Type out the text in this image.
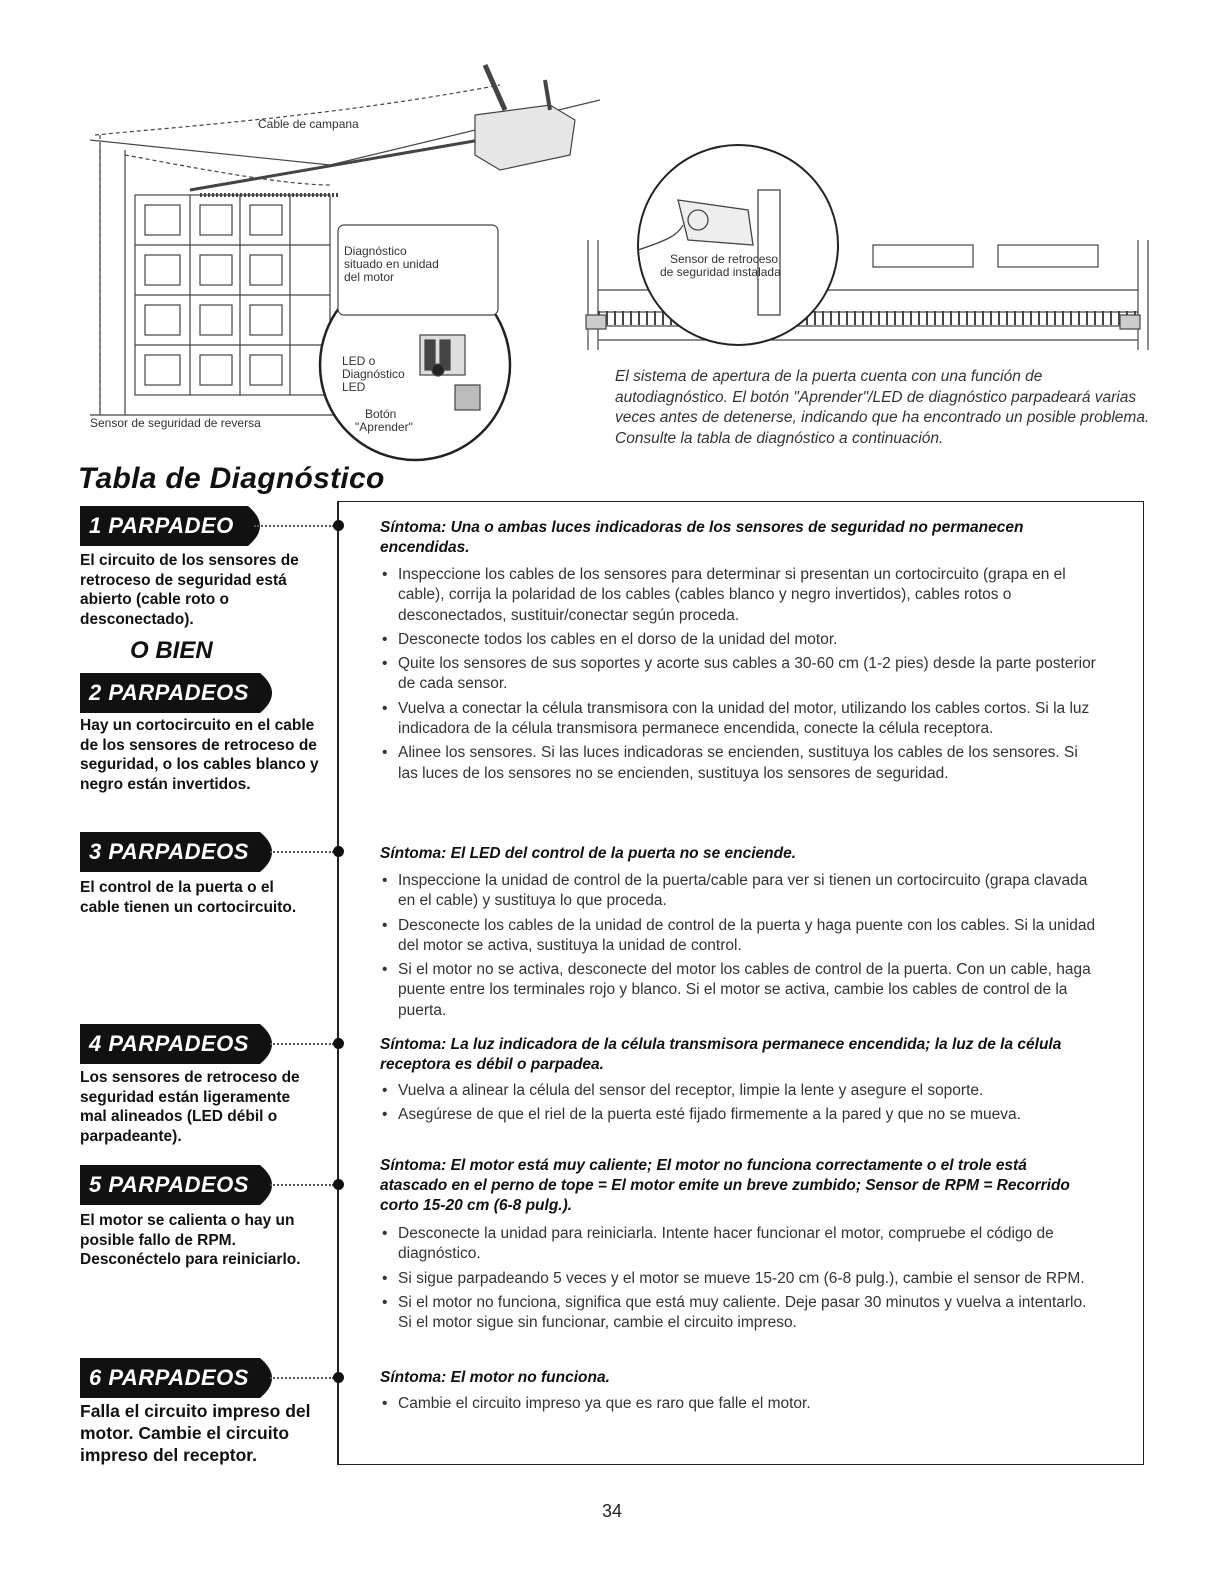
Cable de campana
Diagnóstico
situado en unidad
del motor
LED o
Diagnóstico
LED
Botón
"Aprender"
Sensor de seguridad de reversa
Sensor de retroceso
de seguridad instalada
El sistema de apertura de la puerta cuenta con una función de autodiagnóstico. El botón "Aprender"/LED de diagnóstico parpadeará varias veces antes de detenerse, indicando que ha encontrado un posible problema. Consulte la tabla de diagnóstico a continuación.
Tabla de Diagnóstico
1 PARPADEO
El circuito de los sensores de retroceso de seguridad está abierto (cable roto o desconectado).
O BIEN
2 PARPADEOS
Hay un cortocircuito en el cable de los sensores de retroceso de seguridad, o los cables blanco y negro están invertidos.
3 PARPADEOS
El control de la puerta o el cable tienen un cortocircuito.
4 PARPADEOS
Los sensores de retroceso de seguridad están ligeramente mal alineados (LED débil o parpadeante).
5 PARPADEOS
El motor se calienta o hay un posible fallo de RPM. Desconéctelo para reiniciarlo.
6 PARPADEOS
Falla el circuito impreso del motor. Cambie el circuito impreso del receptor.
Síntoma: Una o ambas luces indicadoras de los sensores de seguridad no permanecen encendidas.
• Inspeccione los cables de los sensores para determinar si presentan un cortocircuito (grapa en el cable), corrija la polaridad de los cables (cables blanco y negro invertidos), cables rotos o desconectados, sustituir/conectar según proceda.
• Desconecte todos los cables en el dorso de la unidad del motor.
• Quite los sensores de sus soportes y acorte sus cables a 30-60 cm (1-2 pies) desde la parte posterior de cada sensor.
• Vuelva a conectar la célula transmisora con la unidad del motor, utilizando los cables cortos. Si la luz indicadora de la célula transmisora permanece encendida, conecte la célula receptora.
• Alinee los sensores. Si las luces indicadoras se encienden, sustituya los cables de los sensores. Si las luces de los sensores no se encienden, sustituya los sensores de seguridad.
Síntoma: El LED del control de la puerta no se enciende.
• Inspeccione la unidad de control de la puerta/cable para ver si tienen un cortocircuito (grapa clavada en el cable) y sustituya lo que proceda.
• Desconecte los cables de la unidad de control de la puerta y haga puente con los cables. Si la unidad del motor se activa, sustituya la unidad de control.
• Si el motor no se activa, desconecte del motor los cables de control de la puerta. Con un cable, haga puente entre los terminales rojo y blanco. Si el motor se activa, cambie los cables de control de la puerta.
Síntoma: La luz indicadora de la célula transmisora permanece encendida; la luz de la célula receptora es débil o parpadea.
• Vuelva a alinear la célula del sensor del receptor, limpie la lente y asegure el soporte.
• Asegúrese de que el riel de la puerta esté fijado firmemente a la pared y que no se mueva.
Síntoma: El motor está muy caliente; El motor no funciona correctamente o el trole está atascado en el perno de tope = El motor emite un breve zumbido; Sensor de RPM = Recorrido corto 15-20 cm (6-8 pulg.).
• Desconecte la unidad para reiniciarla. Intente hacer funcionar el motor, compruebe el código de diagnóstico.
• Si sigue parpadeando 5 veces y el motor se mueve 15-20 cm (6-8 pulg.), cambie el sensor de RPM.
• Si el motor no funciona, significa que está muy caliente. Deje pasar 30 minutos y vuelva a intentarlo. Si el motor sigue sin funcionar, cambie el circuito impreso.
Síntoma: El motor no funciona.
• Cambie el circuito impreso ya que es raro que falle el motor.
34
